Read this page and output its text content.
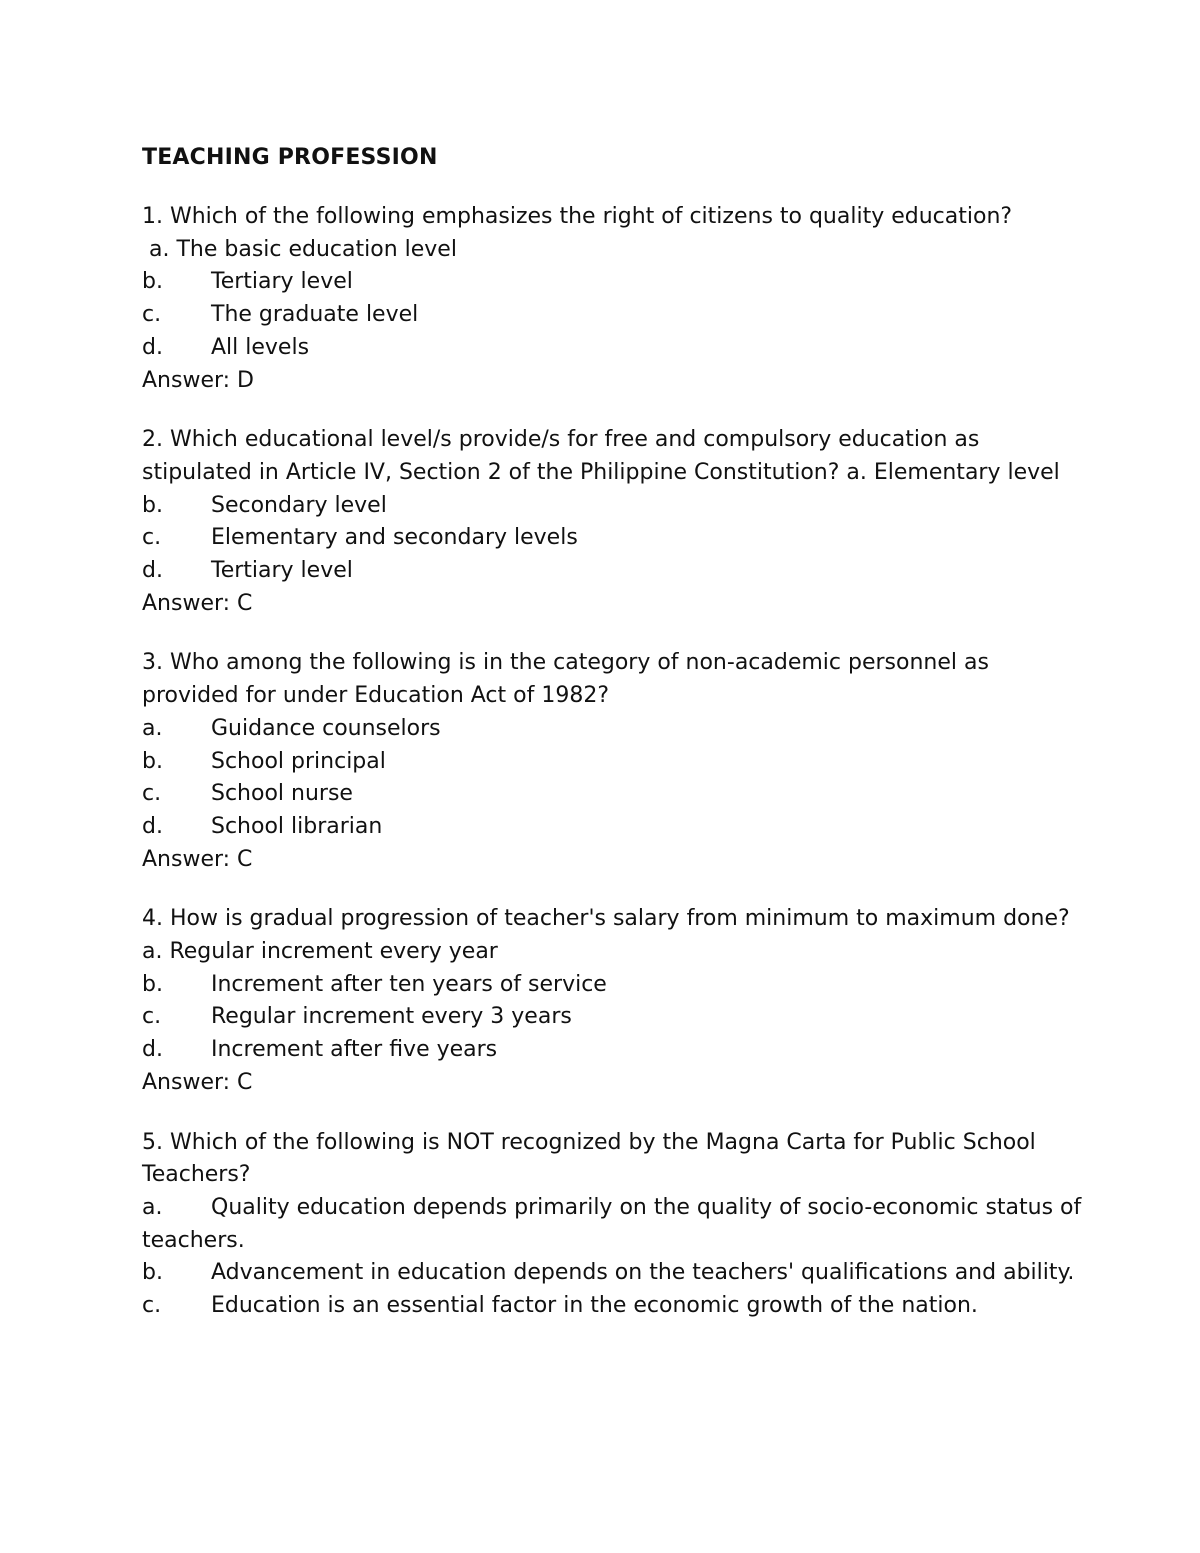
TEACHING PROFESSION
1. Which of the following emphasizes the right of citizens to quality education?
a. The basic education level
b.	Tertiary level
c.	The graduate level
d.	All levels
Answer: D
2. Which educational level/s provide/s for free and compulsory education as stipulated in Article IV, Section 2 of the Philippine Constitution? a. Elementary level
b.	Secondary level
c.	Elementary and secondary levels
d.	Tertiary level
Answer: C
3. Who among the following is in the category of non-academic personnel as provided for under Education Act of 1982?
a.	Guidance counselors
b.	School principal
c.	School nurse
d.	School librarian
Answer: C
4. How is gradual progression of teacher's salary from minimum to maximum done?
a. Regular increment every year
b.	Increment after ten years of service
c.	Regular increment every 3 years
d.	Increment after five years
Answer: C
5. Which of the following is NOT recognized by the Magna Carta for Public School Teachers?
a. Quality education depends primarily on the quality of socio-economic status of teachers.
b. Advancement in education depends on the teachers' qualifications and ability.
c. Education is an essential factor in the economic growth of the nation.
